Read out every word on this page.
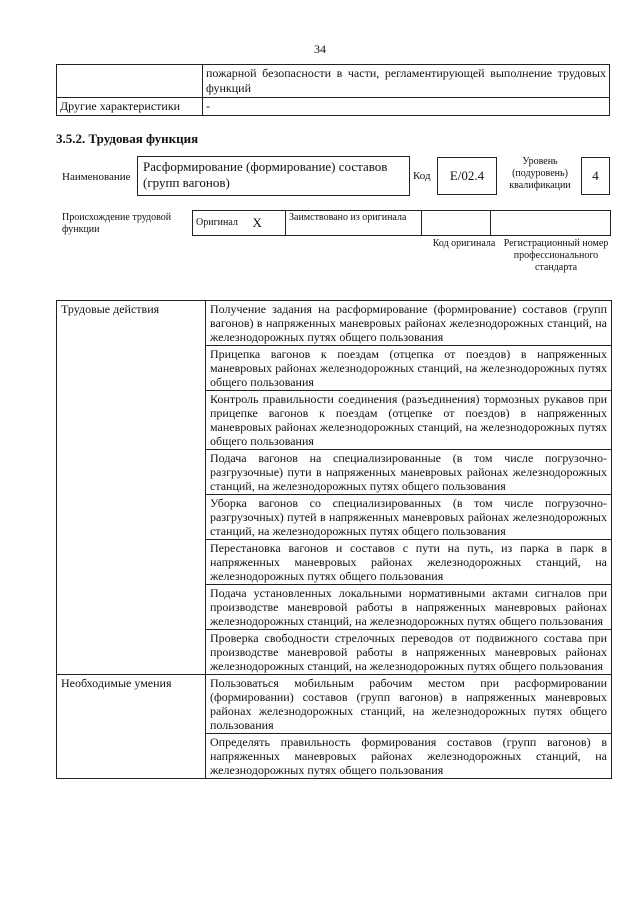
34
	пожарной безопасности в части, регламентирующей выполнение трудовых функций
Другие характеристики	-
3.5.2. Трудовая функция
Наименование
Расформирование (формирование) составов (групп вагонов)	Код	E/02.4
Уровень (подуровень) квалификации
4
Происхождение трудовой функции
Оригинал	X	Заимствовано из оригинала		
Код оригинала Регистрационный номер профессионального стандарта
Трудовые действия	Получение задания на расформирование (формирование) составов (групп вагонов) в напряженных маневровых районах железнодорожных станций, на железнодорожных путях общего пользования
	Прицепка вагонов к поездам (отцепка от поездов) в напряженных маневровых районах железнодорожных станций, на железнодорожных путях общего пользования
	Контроль правильности соединения (разъединения) тормозных рукавов при прицепке вагонов к поездам (отцепке от поездов) в напряженных маневровых районах железнодорожных станций, на железнодорожных путях общего пользования
	Подача вагонов на специализированные (в том числе погрузочно-разгрузочные) пути в напряженных маневровых районах железнодорожных станций, на железнодорожных путях общего пользования
	Уборка вагонов со специализированных (в том числе погрузочно-разгрузочных) путей в напряженных маневровых районах железнодорожных станций, на железнодорожных путях общего пользования
	Перестановка вагонов и составов с пути на путь, из парка в парк в напряженных маневровых районах железнодорожных станций, на железнодорожных путях общего пользования
	Подача установленных локальными нормативными актами сигналов при производстве маневровой работы в напряженных маневровых районах железнодорожных станций, на железнодорожных путях общего пользования
	Проверка свободности стрелочных переводов от подвижного состава при производстве маневровой работы в напряженных маневровых районах железнодорожных станций, на железнодорожных путях общего пользования
Необходимые умения	Пользоваться мобильным рабочим местом при расформировании (формировании) составов (групп вагонов) в напряженных маневровых районах железнодорожных станций, на железнодорожных путях общего пользования
	Определять правильность формирования составов (групп вагонов) в напряженных маневровых районах железнодорожных станций, на железнодорожных путях общего пользования
